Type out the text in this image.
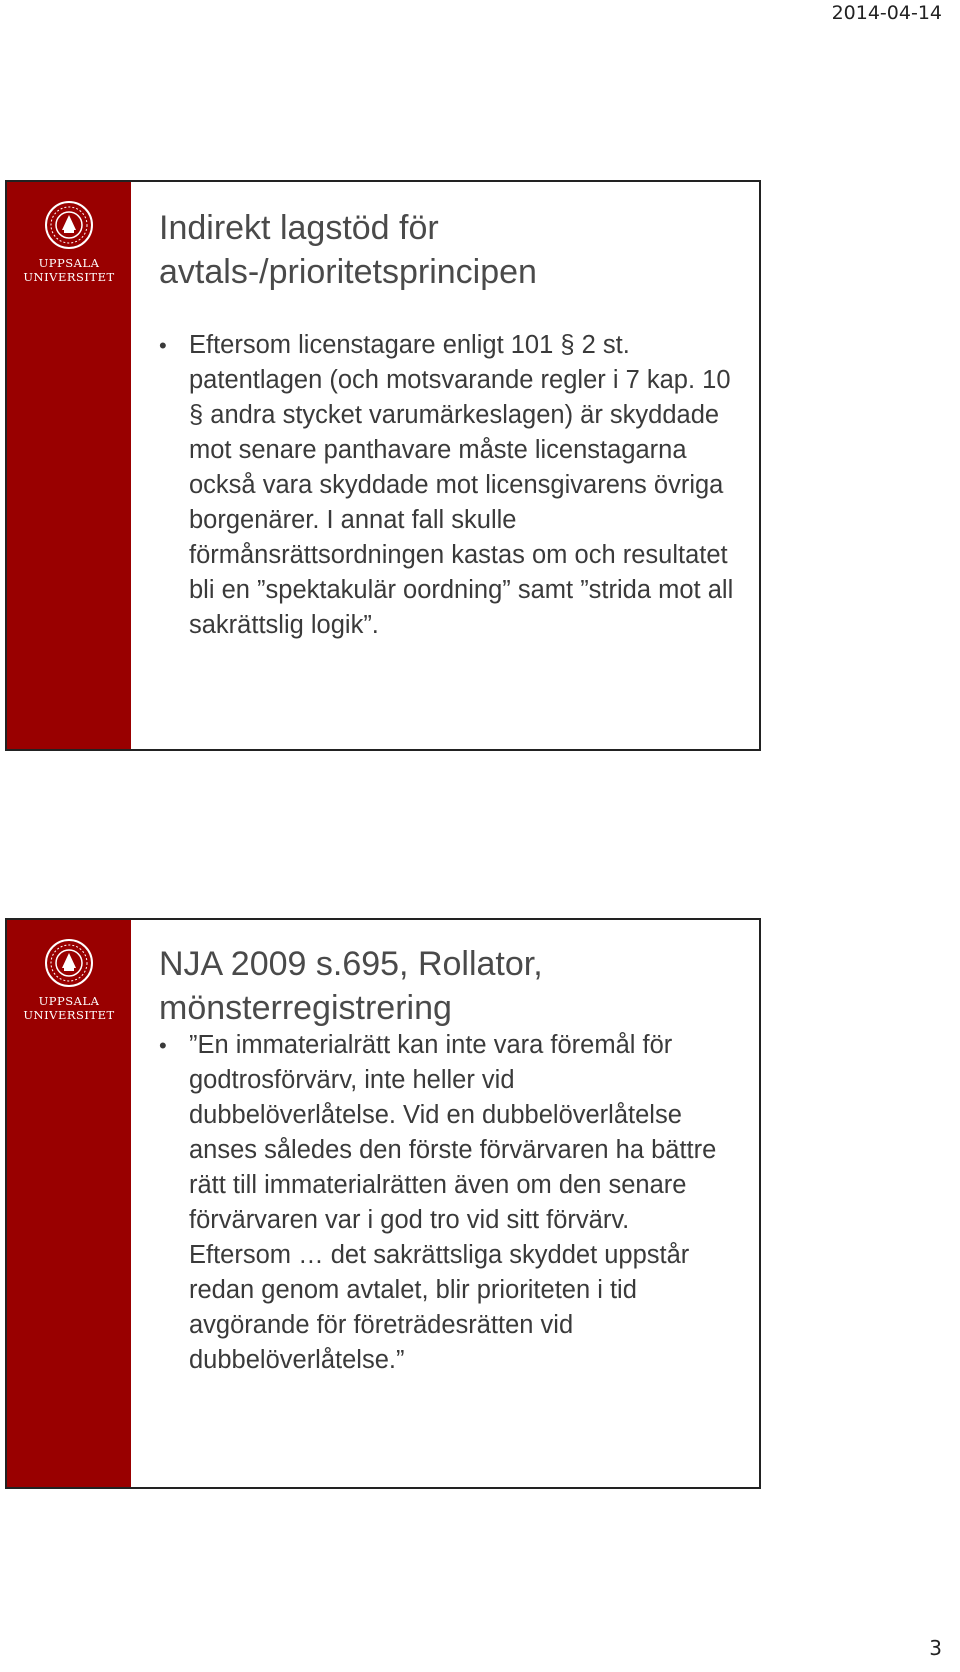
2014-04-14
UPPSALA
UNIVERSITET
Indirekt lagstöd för avtals-/prioritetsprincipen
• Eftersom licenstagare enligt 101 § 2 st. patentlagen (och motsvarande regler i 7 kap. 10 § andra stycket varumärkeslagen) är skyddade mot senare panthavare måste licenstagarna också vara skyddade mot licensgivarens övriga borgenärer. I annat fall skulle förmånsrättsordningen kastas om och resultatet bli en ”spektakulär oordning” samt ”strida mot all sakrättslig logik”.
UPPSALA
UNIVERSITET
NJA 2009 s.695, Rollator, mönsterregistrering
• ”En immaterialrätt kan inte vara föremål för godtrosförvärv, inte heller vid dubbelöverlåtelse. Vid en dubbelöverlåtelse anses således den förste förvärvaren ha bättre rätt till immaterialrätten även om den senare förvärvaren var i god tro vid sitt förvärv. Eftersom … det sakrättsliga skyddet uppstår redan genom avtalet, blir prioriteten i tid avgörande för företrädesrätten vid dubbelöverlåtelse.”
3
